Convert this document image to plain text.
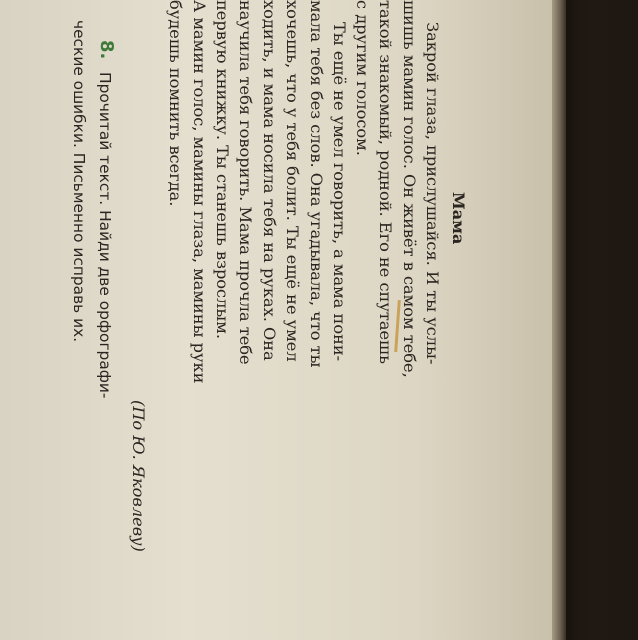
Мама
Закрой глаза, прислушайся. И ты услы-
шишь мамин голос. Он живёт в самом тебе,
такой знакомый, родной. Его не спутаешь
с другим голосом.
Ты ещё не умел говорить, а мама пони-
мала тебя без слов. Она угадывала, что ты
хочешь, что у тебя болит. Ты ещё не умел
ходить, и мама носила тебя на руках. Она
научила тебя говорить. Мама прочла тебе
первую книжку. Ты станешь взрослым.
А мамин голос, мамины глаза, мамины руки
будешь помнить всегда.
(По Ю. Яковлеву)
8.
Прочитай текст. Найди две орфографи-
ческие ошибки. Письменно исправь их.
